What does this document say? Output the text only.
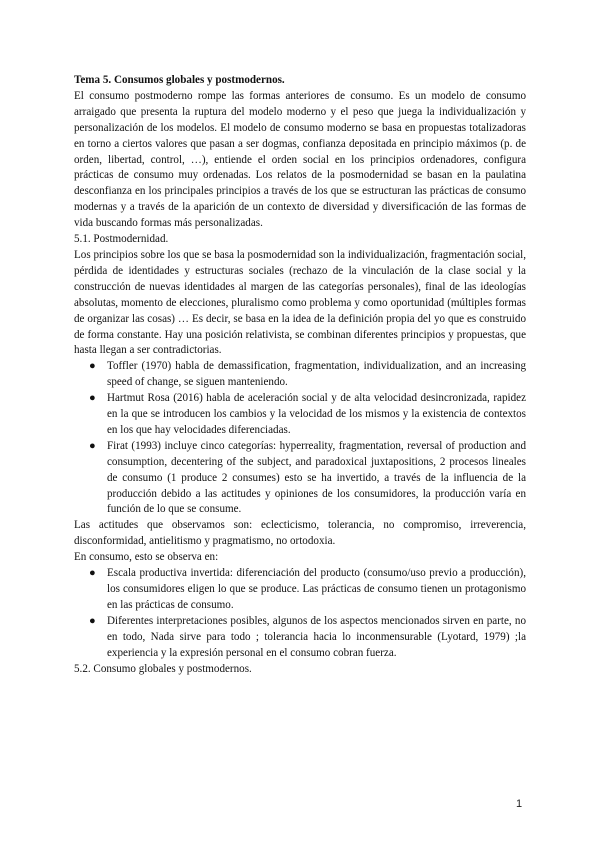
Tema 5. Consumos globales y postmodernos.

El consumo postmoderno rompe las formas anteriores de consumo. Es un modelo de consumo arraigado que presenta la ruptura del modelo moderno y el peso que juega la individualización y personalización de los modelos. El modelo de consumo moderno se basa en propuestas totalizadoras en torno a ciertos valores que pasan a ser dogmas, confianza depositada en principio máximos (p. de orden, libertad, control, …), entiende el orden social en los principios ordenadores, configura prácticas de consumo muy ordenadas. Los relatos de la posmodernidad se basan en la paulatina desconfianza en los principales principios a través de los que se estructuran las prácticas de consumo modernas y a través de la aparición de un contexto de diversidad y diversificación de las formas de vida buscando formas más personalizadas.

5.1. Postmodernidad.

Los principios sobre los que se basa la posmodernidad son la individualización, fragmentación social, pérdida de identidades y estructuras sociales (rechazo de la vinculación de la clase social y la construcción de nuevas identidades al margen de las categorías personales), final de las ideologías absolutas, momento de elecciones, pluralismo como problema y como oportunidad (múltiples formas de organizar las cosas) … Es decir, se basa en la idea de la definición propia del yo que es construido de forma constante. Hay una posición relativista, se combinan diferentes principios y propuestas, que hasta llegan a ser contradictorias.

● Toffler (1970) habla de demassification, fragmentation, individualization, and an increasing speed of change, se siguen manteniendo.
● Hartmut Rosa (2016) habla de aceleración social y de alta velocidad desincronizada, rapidez en la que se introducen los cambios y la velocidad de los mismos y la existencia de contextos en los que hay velocidades diferenciadas.
● Firat (1993) incluye cinco categorías: hyperreality, fragmentation, reversal of production and consumption, decentering of the subject, and paradoxical juxtapositions, 2 procesos lineales de consumo (1 produce 2 consumes) esto se ha invertido, a través de la influencia de la producción debido a las actitudes y opiniones de los consumidores, la producción varía en función de lo que se consume.

Las actitudes que observamos son: eclecticismo, tolerancia, no compromiso, irreverencia, disconformidad, antielitismo y pragmatismo, no ortodoxia.

En consumo, esto se observa en:

● Escala productiva invertida: diferenciación del producto (consumo/uso previo a producción), los consumidores eligen lo que se produce. Las prácticas de consumo tienen un protagonismo en las prácticas de consumo.
● Diferentes interpretaciones posibles, algunos de los aspectos mencionados sirven en parte, no en todo, Nada sirve para todo ; tolerancia hacia lo inconmensurable (Lyotard, 1979) ;la experiencia y la expresión personal en el consumo cobran fuerza.

5.2. Consumo globales y postmodernos.

1
